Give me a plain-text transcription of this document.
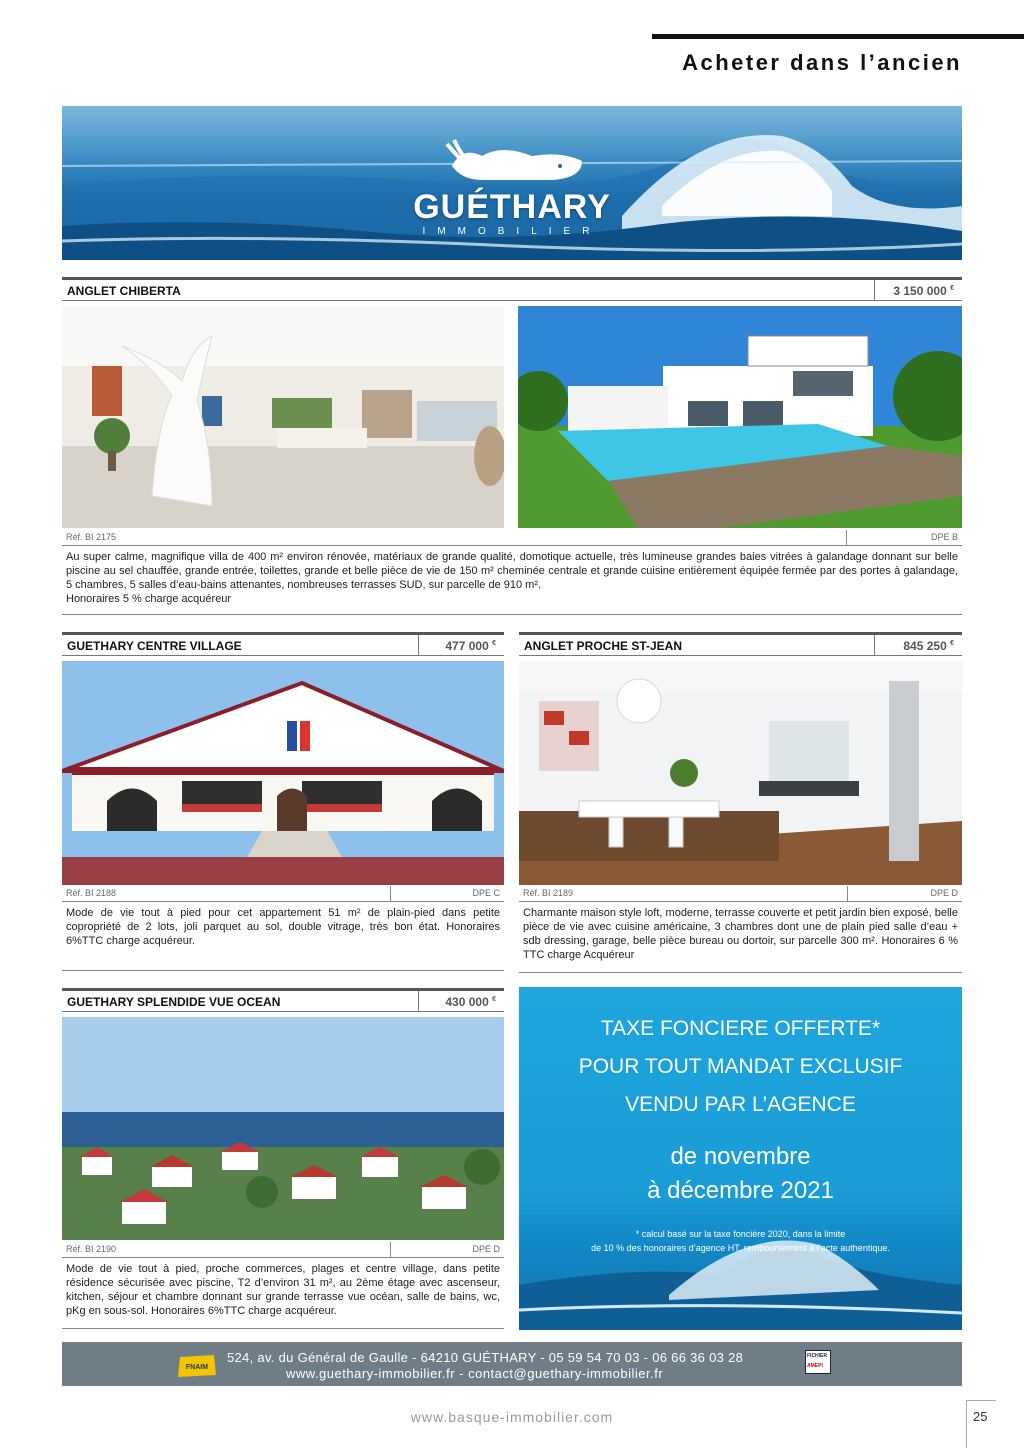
Acheter dans l’ancien
GUÉTHARY
IMMOBILIER
ANGLET CHIBERTA	3 150 000 €
Réf. BI 2175	DPE B
Au super calme, magnifique villa de 400 m² environ rénovée, matériaux de grande qualité, domotique actuelle, très lumineuse grandes baies vitrées à galandage donnant sur belle piscine au sel chauffée, grande entrée, toilettes, grande et belle pièce de vie de 150 m² cheminée centrale et grande cuisine entièrement équipée fermée par des portes à galandage, 5 chambres, 5 salles d’eau-bains attenantes, nombreuses terrasses SUD, sur parcelle de 910 m².
Honoraires 5 % charge acquéreur
GUETHARY CENTRE VILLAGE	477 000 €
Réf. BI 2188	DPE C
Mode de vie tout à pied pour cet appartement 51 m² de plain-pied dans petite copropriété de 2 lots, joli parquet au sol, double vitrage, très bon état. Honoraires 6%TTC charge acquéreur.
ANGLET PROCHE ST-JEAN	845 250 €
Réf. BI 2189	DPE D
Charmante maison style loft, moderne, terrasse couverte et petit jardin bien exposé, belle pièce de vie avec cuisine américaine, 3 chambres dont une de plain pied salle d’eau + sdb dressing, garage, belle pièce bureau ou dortoir, sur parcelle 300 m². Honoraires 6 % TTC charge Acquéreur
GUETHARY SPLENDIDE VUE OCEAN	430 000 €
Réf. BI 2190	DPE D
Mode de vie tout à pied, proche commerces, plages et centre village, dans petite résidence sécurisée avec piscine, T2 d’environ 31 m², au 2ème étage avec ascenseur, kitchen, séjour et chambre donnant sur grande terrasse vue océan, salle de bains, wc, pKg en sous-sol. Honoraires 6%TTC charge acquéreur.
TAXE FONCIERE OFFERTE*
POUR TOUT MANDAT EXCLUSIF
VENDU PAR L’AGENCE
de novembre
à décembre 2021
* calcul basé sur la taxe foncière 2020, dans la limite
de 10 % des honoraires d’agence HT, remboursement à l’acte authentique.
FNAIM
524, av. du Général de Gaulle - 64210 GUÉTHARY - 05 59 54 70 03 - 06 66 36 03 28
www.guethary-immobilier.fr - contact@guethary-immobilier.fr
FICHIER
AMEPI
www.basque-immobilier.com	25
